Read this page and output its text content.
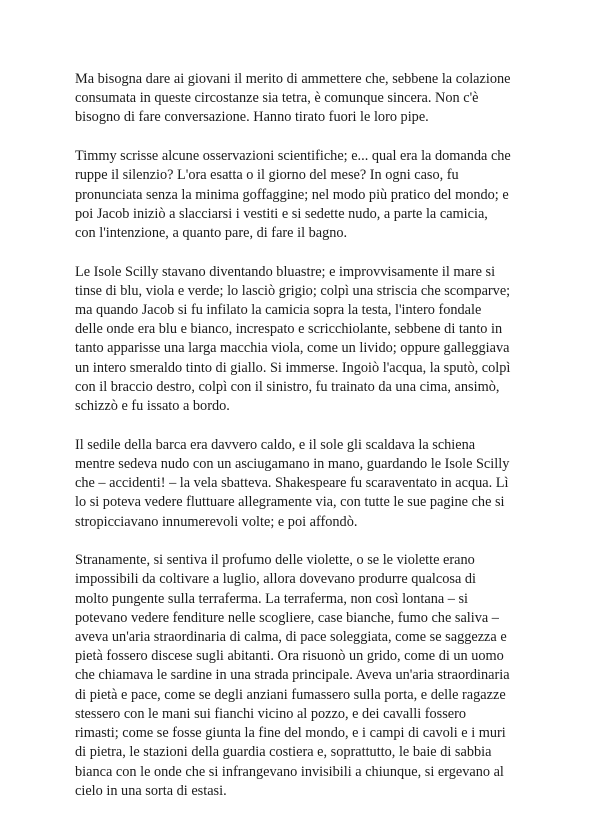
Ma bisogna dare ai giovani il merito di ammettere che, sebbene la colazione
consumata in queste circostanze sia tetra, è comunque sincera. Non c'è
bisogno di fare conversazione. Hanno tirato fuori le loro pipe.

Timmy scrisse alcune osservazioni scientifiche; e... qual era la domanda che
ruppe il silenzio? L'ora esatta o il giorno del mese? In ogni caso, fu
pronunciata senza la minima goffaggine; nel modo più pratico del mondo; e
poi Jacob iniziò a slacciarsi i vestiti e si sedette nudo, a parte la camicia,
con l'intenzione, a quanto pare, di fare il bagno.

Le Isole Scilly stavano diventando bluastre; e improvvisamente il mare si
tinse di blu, viola e verde; lo lasciò grigio; colpì una striscia che scomparve;
ma quando Jacob si fu infilato la camicia sopra la testa, l'intero fondale
delle onde era blu e bianco, increspato e scricchiolante, sebbene di tanto in
tanto apparisse una larga macchia viola, come un livido; oppure galleggiava
un intero smeraldo tinto di giallo. Si immerse. Ingoiò l'acqua, la sputò, colpì
con il braccio destro, colpì con il sinistro, fu trainato da una cima, ansimò,
schizzò e fu issato a bordo.

Il sedile della barca era davvero caldo, e il sole gli scaldava la schiena
mentre sedeva nudo con un asciugamano in mano, guardando le Isole Scilly
che – accidenti! – la vela sbatteva. Shakespeare fu scaraventato in acqua. Lì
lo si poteva vedere fluttuare allegramente via, con tutte le sue pagine che si
stropicciavano innumerevoli volte; e poi affondò.

Stranamente, si sentiva il profumo delle violette, o se le violette erano
impossibili da coltivare a luglio, allora dovevano produrre qualcosa di
molto pungente sulla terraferma. La terraferma, non così lontana – si
potevano vedere fenditure nelle scogliere, case bianche, fumo che saliva –
aveva un'aria straordinaria di calma, di pace soleggiata, come se saggezza e
pietà fossero discese sugli abitanti. Ora risuonò un grido, come di un uomo
che chiamava le sardine in una strada principale. Aveva un'aria straordinaria
di pietà e pace, come se degli anziani fumassero sulla porta, e delle ragazze
stessero con le mani sui fianchi vicino al pozzo, e dei cavalli fossero
rimasti; come se fosse giunta la fine del mondo, e i campi di cavoli e i muri
di pietra, le stazioni della guardia costiera e, soprattutto, le baie di sabbia
bianca con le onde che si infrangevano invisibili a chiunque, si ergevano al
cielo in una sorta di estasi.
